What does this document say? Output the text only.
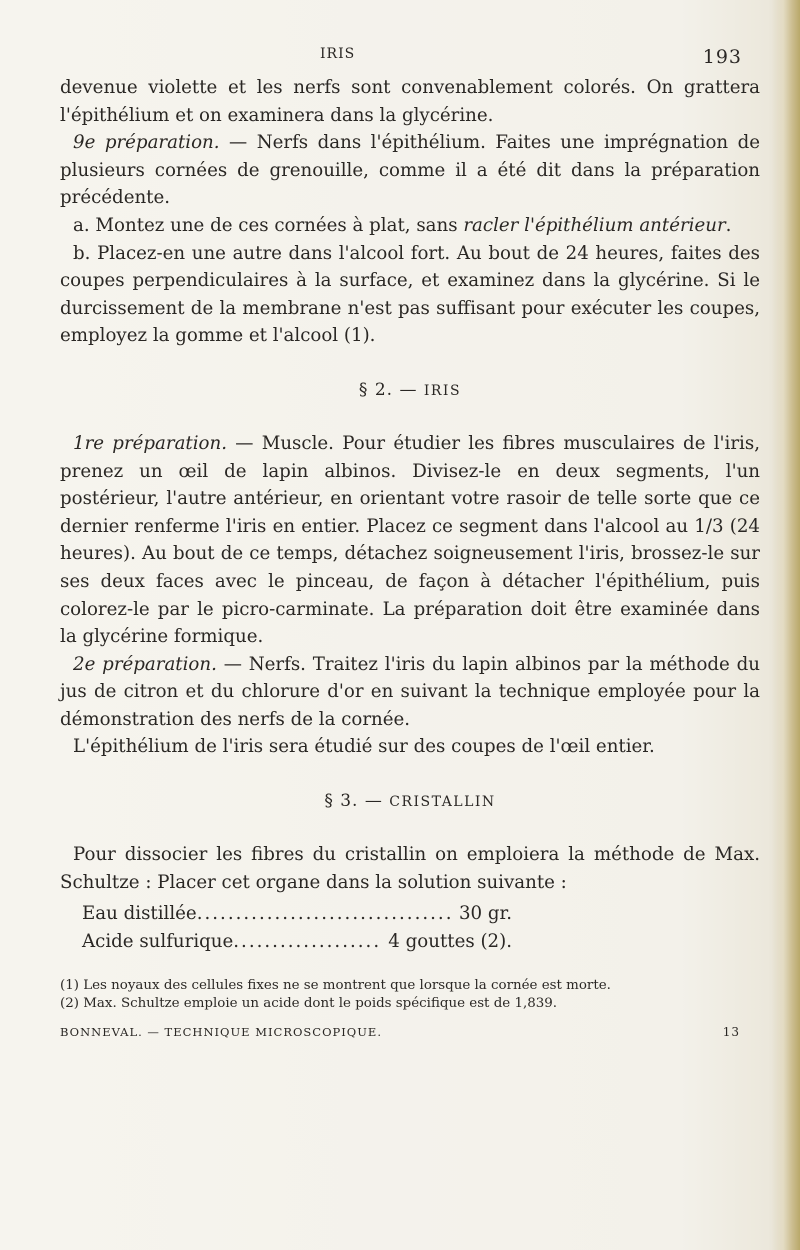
IRIS	193

devenue violette et les nerfs sont convenablement colorés. On grattera l'épithélium et on examinera dans la glycérine.

9e préparation. — Nerfs dans l'épithélium. Faites une imprégnation de plusieurs cornées de grenouille, comme il a été dit dans la préparation précédente.

a. Montez une de ces cornées à plat, sans racler l'épithélium antérieur.

b. Placez-en une autre dans l'alcool fort. Au bout de 24 heures, faites des coupes perpendiculaires à la surface, et examinez dans la glycérine. Si le durcissement de la membrane n'est pas suffisant pour exécuter les coupes, employez la gomme et l'alcool (1).

§ 2. — IRIS

1re préparation. — Muscle. Pour étudier les fibres musculaires de l'iris, prenez un œil de lapin albinos. Divisez-le en deux segments, l'un postérieur, l'autre antérieur, en orientant votre rasoir de telle sorte que ce dernier renferme l'iris en entier. Placez ce segment dans l'alcool au 1/3 (24 heures). Au bout de ce temps, détachez soigneusement l'iris, brossez-le sur ses deux faces avec le pinceau, de façon à détacher l'épithélium, puis colorez-le par le picro-carminate. La préparation doit être examinée dans la glycérine formique.

2e préparation. — Nerfs. Traitez l'iris du lapin albinos par la méthode du jus de citron et du chlorure d'or en suivant la technique employée pour la démonstration des nerfs de la cornée.

L'épithélium de l'iris sera étudié sur des coupes de l'œil entier.

§ 3. — CRISTALLIN

Pour dissocier les fibres du cristallin on emploiera la méthode de Max. Schultze : Placer cet organe dans la solution suivante :

Eau distillée .....	30 gr.
Acide sulfurique .....	4 gouttes (2).

(1) Les noyaux des cellules fixes ne se montrent que lorsque la cornée est morte.

(2) Max. Schultze emploie un acide dont le poids spécifique est de 1,839.

BONNEVAL. — TECHNIQUE MICROSCOPIQUE.	13
